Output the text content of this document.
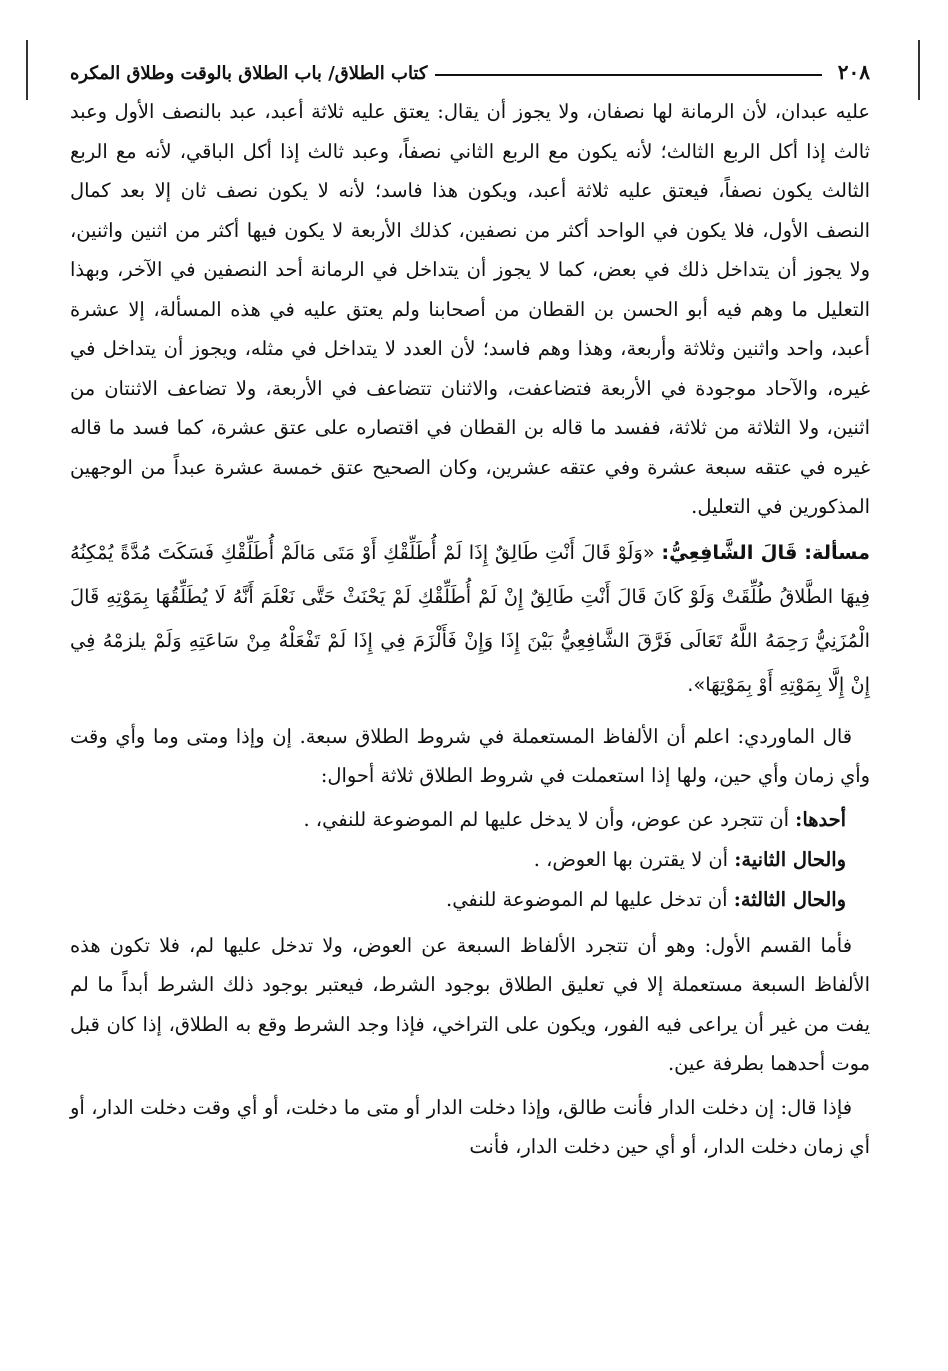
٢٠٨
كتاب الطلاق/ باب الطلاق بالوقت وطلاق المكره

عليه عبدان، لأن الرمانة لها نصفان، ولا يجوز أن يقال: يعتق عليه ثلاثة أعبد، عبد بالنصف الأول وعبد ثالث إذا أكل الربع الثالث؛ لأنه يكون مع الربع الثاني نصفاً، وعبد ثالث إذا أكل الباقي، لأنه مع الربع الثالث يكون نصفاً، فيعتق عليه ثلاثة أعبد، ويكون هذا فاسد؛ لأنه لا يكون نصف ثان إلا بعد كمال النصف الأول، فلا يكون في الواحد أكثر من نصفين، كذلك الأربعة لا يكون فيها أكثر من اثنين واثنين، ولا يجوز أن يتداخل ذلك في بعض، كما لا يجوز أن يتداخل في الرمانة أحد النصفين في الآخر، وبهذا التعليل ما وهم فيه أبو الحسن بن القطان من أصحابنا ولم يعتق عليه في هذه المسألة، إلا عشرة أعبد، واحد واثنين وثلاثة وأربعة، وهذا وهم فاسد؛ لأن العدد لا يتداخل في مثله، ويجوز أن يتداخل في غيره، والآحاد موجودة في الأربعة فتضاعفت، والاثنان تتضاعف في الأربعة، ولا تضاعف الاثنتان من اثنين، ولا الثلاثة من ثلاثة، ففسد ما قاله بن القطان في اقتصاره على عتق عشرة، كما فسد ما قاله غيره في عتقه سبعة عشرة وفي عتقه عشرين، وكان الصحيح عتق خمسة عشرة عبداً من الوجهين المذكورين في التعليل.

مسألة: قَالَ الشَّافِعِيُّ: «وَلَوْ قَالَ أَنْتِ طَالِقٌ إِذَا لَمْ أُطَلِّقْكِ أَوْ مَتَى مَالَمْ أُطَلِّقْكِ فَسَكَتَ مُدَّةً يُمْكِنُهُ فِيهَا الطَّلاقُ طُلِّقَتْ وَلَوْ كَانَ قَالَ أَنْتِ طَالِقٌ إِنْ لَمْ أُطَلِّقْكِ لَمْ يَحْنَثْ حَتَّى نَعْلَمَ أَنَّهُ لَا يُطَلِّقُهَا بِمَوْتِهِ قَالَ الْمُزَنِيُّ رَحِمَهُ اللَّهُ تَعَالَى فَرَّقَ الشَّافِعِيُّ بَيْنَ إِذَا وَإِنْ فَأَلْزَمَ فِي إِذَا لَمْ تَفْعَلْهُ مِنْ سَاعَتِهِ وَلَمْ يلزمْهُ فِي إِنْ إِلَّا بِمَوْتِهِ أَوْ بِمَوْتِهَا».

قال الماوردي: اعلم أن الألفاظ المستعملة في شروط الطلاق سبعة. إن وإذا ومتى وما وأي وقت وأي زمان وأي حين، ولها إذا استعملت في شروط الطلاق ثلاثة أحوال:

أحدها: أن تتجرد عن عوض، وأن لا يدخل عليها لم الموضوعة للنفي، .
والحال الثانية: أن لا يقترن بها العوض، .
والحال الثالثة: أن تدخل عليها لم الموضوعة للنفي.

فأما القسم الأول: وهو أن تتجرد الألفاظ السبعة عن العوض، ولا تدخل عليها لم، فلا تكون هذه الألفاظ السبعة مستعملة إلا في تعليق الطلاق بوجود الشرط، فيعتبر بوجود ذلك الشرط أبداً ما لم يفت من غير أن يراعى فيه الفور، ويكون على التراخي، فإذا وجد الشرط وقع به الطلاق، إذا كان قبل موت أحدهما بطرفة عين.

فإذا قال: إن دخلت الدار فأنت طالق، وإذا دخلت الدار أو متى ما دخلت، أو أي وقت دخلت الدار، أو أي زمان دخلت الدار، أو أي حين دخلت الدار، فأنت
